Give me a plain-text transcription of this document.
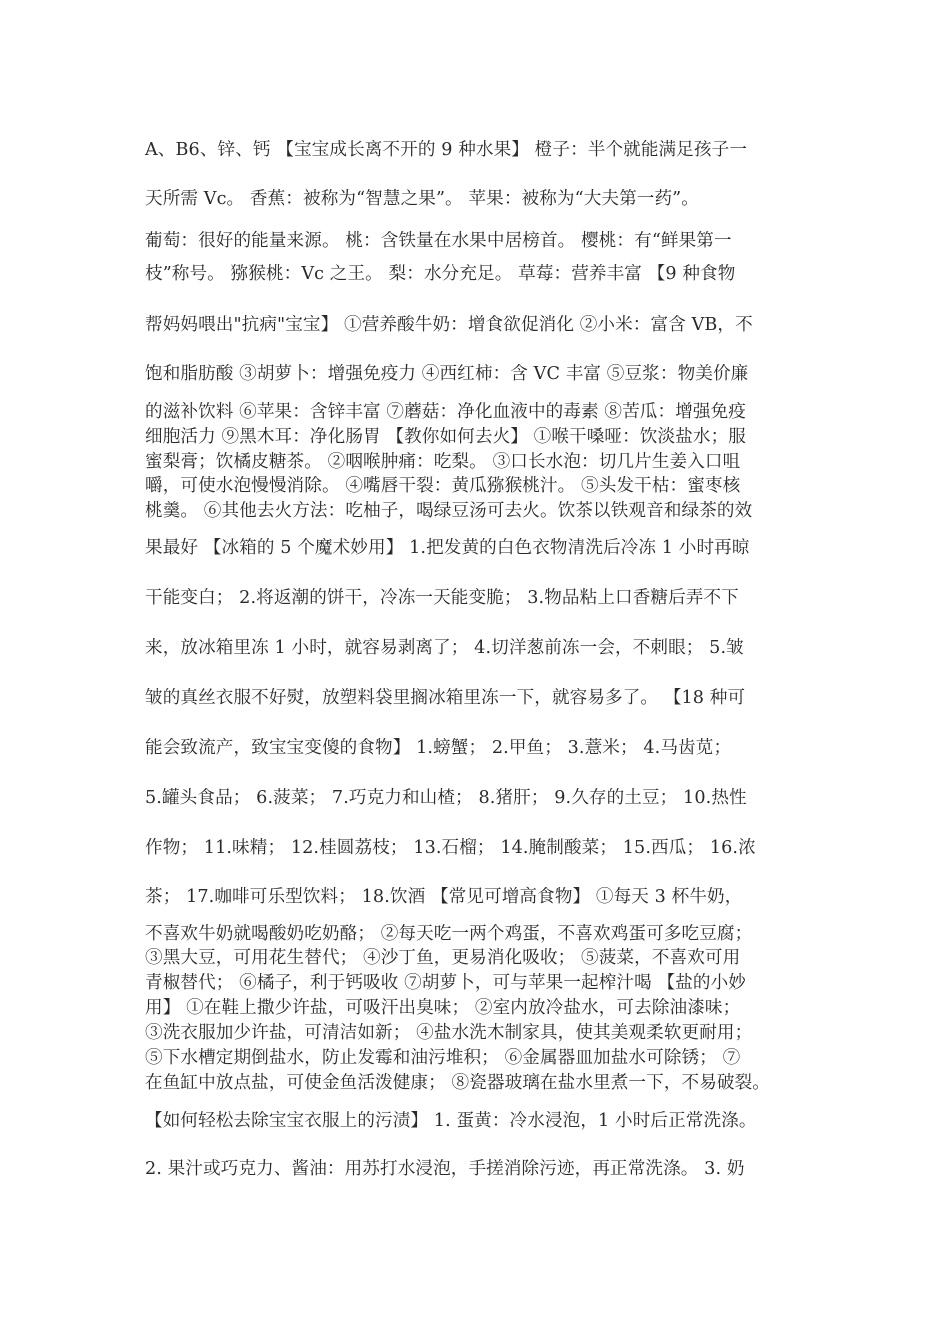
A、B6、锌、钙 【宝宝成长离不开的 9 种水果】 橙子：半个就能满足孩子一
天所需 Vc。 香蕉：被称为“智慧之果”。 苹果：被称为“大夫第一药”。
葡萄：很好的能量来源。 桃：含铁量在水果中居榜首。 樱桃：有“鲜果第一
枝”称号。 猕猴桃：Vc 之王。 梨：水分充足。 草莓：营养丰富 【9 种食物
帮妈妈喂出"抗病"宝宝】 ①营养酸牛奶：增食欲促消化 ②小米：富含 VB，不
饱和脂肪酸 ③胡萝卜：增强免疫力 ④西红柿：含 VC 丰富 ⑤豆浆：物美价廉
的滋补饮料 ⑥苹果：含锌丰富 ⑦蘑菇：净化血液中的毒素 ⑧苦瓜：增强免疫
细胞活力 ⑨黑木耳：净化肠胃 【教你如何去火】 ①喉干嗓哑：饮淡盐水；服
蜜梨膏；饮橘皮糖茶。 ②咽喉肿痛：吃梨。 ③口长水泡：切几片生姜入口咀
嚼，可使水泡慢慢消除。 ④嘴唇干裂：黄瓜猕猴桃汁。 ⑤头发干枯：蜜枣核
桃羹。 ⑥其他去火方法：吃柚子，喝绿豆汤可去火。饮茶以铁观音和绿茶的效
果最好 【冰箱的 5 个魔术妙用】 1.把发黄的白色衣物清洗后冷冻 1 小时再晾
干能变白； 2.将返潮的饼干，冷冻一天能变脆； 3.物品粘上口香糖后弄不下
来，放冰箱里冻 1 小时，就容易剥离了； 4.切洋葱前冻一会，不刺眼； 5.皱
皱的真丝衣服不好熨，放塑料袋里搁冰箱里冻一下，就容易多了。 【18 种可
能会致流产，致宝宝变傻的食物】 1.螃蟹； 2.甲鱼； 3.薏米； 4.马齿苋；
5.罐头食品； 6.菠菜； 7.巧克力和山楂； 8.猪肝； 9.久存的土豆； 10.热性
作物； 11.味精； 12.桂圆荔枝； 13.石榴； 14.腌制酸菜； 15.西瓜； 16.浓
茶； 17.咖啡可乐型饮料； 18.饮酒 【常见可增高食物】 ①每天 3 杯牛奶，
不喜欢牛奶就喝酸奶吃奶酪； ②每天吃一两个鸡蛋，不喜欢鸡蛋可多吃豆腐；
③黑大豆，可用花生替代； ④沙丁鱼，更易消化吸收； ⑤菠菜，不喜欢可用
青椒替代； ⑥橘子，利于钙吸收 ⑦胡萝卜，可与苹果一起榨汁喝 【盐的小妙
用】 ①在鞋上撒少许盐，可吸汗出臭味； ②室内放冷盐水，可去除油漆味；
③洗衣服加少许盐，可清洁如新； ④盐水洗木制家具，使其美观柔软更耐用；
⑤下水槽定期倒盐水，防止发霉和油污堆积； ⑥金属器皿加盐水可除锈； ⑦
在鱼缸中放点盐，可使金鱼活泼健康； ⑧瓷器玻璃在盐水里煮一下，不易破裂。
【如何轻松去除宝宝衣服上的污渍】 1. 蛋黄：冷水浸泡，1 小时后正常洗涤。
2. 果汁或巧克力、酱油：用苏打水浸泡，手搓消除污迹，再正常洗涤。 3. 奶
